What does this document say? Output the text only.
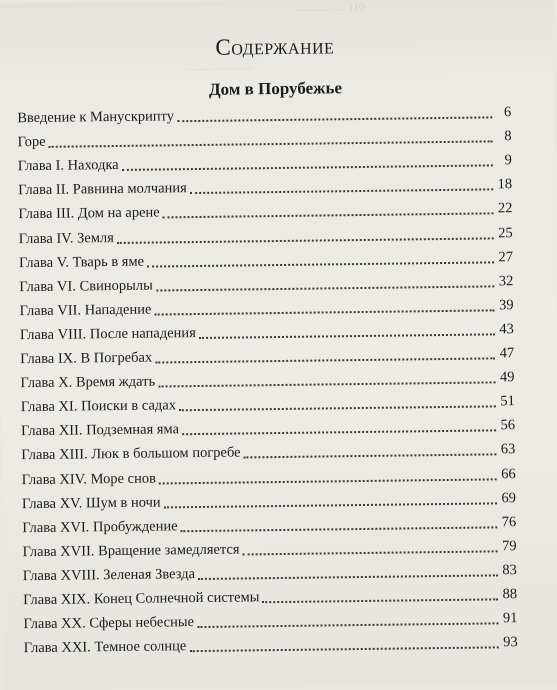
.................. 110
— — — — —
— — — — — — —
— — — — — —
— — — — — — —
Содержание
Дом в Порубежье
Введение к Манускрипту	6
Горе	8
Глава I. Находка	9
Глава II. Равнина молчания	18
Глава III. Дом на арене	22
Глава IV. Земля	25
Глава V. Тварь в яме	27
Глава VI. Свинорылы	32
Глава VII. Нападение	39
Глава VIII. После нападения	43
Глава IX. В Погребах	47
Глава X. Время ждать	49
Глава XI. Поиски в садах	51
Глава XII. Подземная яма	56
Глава XIII. Люк в большом погребе	63
Глава XIV. Море снов	66
Глава XV. Шум в ночи	69
Глава XVI. Пробуждение	76
Глава XVII. Вращение замедляется	79
Глава XVIII. Зеленая Звезда	83
Глава XIX. Конец Солнечной системы	88
Глава XX. Сферы небесные	91
Глава XXI. Темное солнце	93
